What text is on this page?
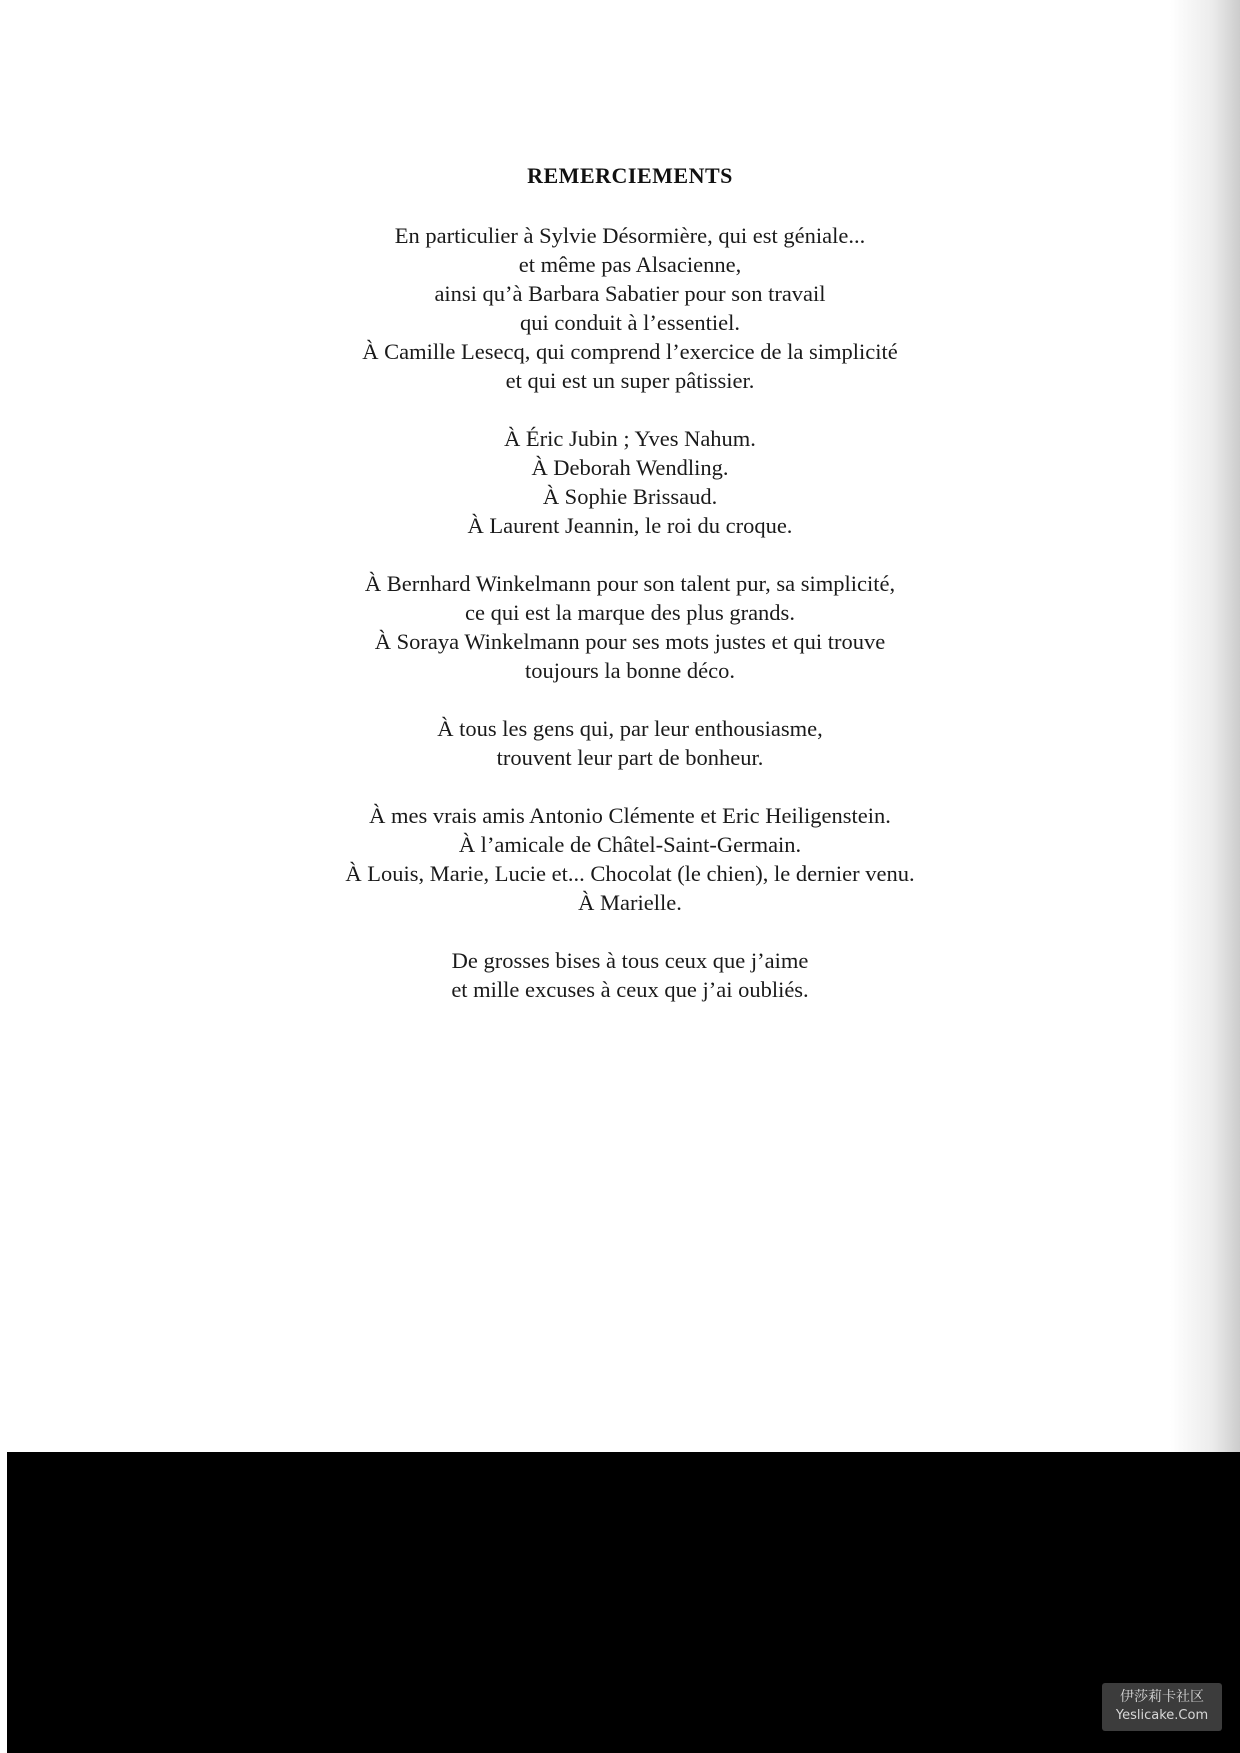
REMERCIEMENTS

En particulier à Sylvie Désormière, qui est géniale...
et même pas Alsacienne,
ainsi qu’à Barbara Sabatier pour son travail
qui conduit à l’essentiel.
À Camille Lesecq, qui comprend l’exercice de la simplicité
et qui est un super pâtissier.

À Éric Jubin ; Yves Nahum.
À Deborah Wendling.
À Sophie Brissaud.
À Laurent Jeannin, le roi du croque.

À Bernhard Winkelmann pour son talent pur, sa simplicité,
ce qui est la marque des plus grands.
À Soraya Winkelmann pour ses mots justes et qui trouve
toujours la bonne déco.

À tous les gens qui, par leur enthousiasme,
trouvent leur part de bonheur.

À mes vrais amis Antonio Clémente et Eric Heiligenstein.
À l’amicale de Châtel-Saint-Germain.
À Louis, Marie, Lucie et... Chocolat (le chien), le dernier venu.
À Marielle.

De grosses bises à tous ceux que j’aime
et mille excuses à ceux que j’ai oubliés.

伊莎莉卡社区
Yeslicake.Com
